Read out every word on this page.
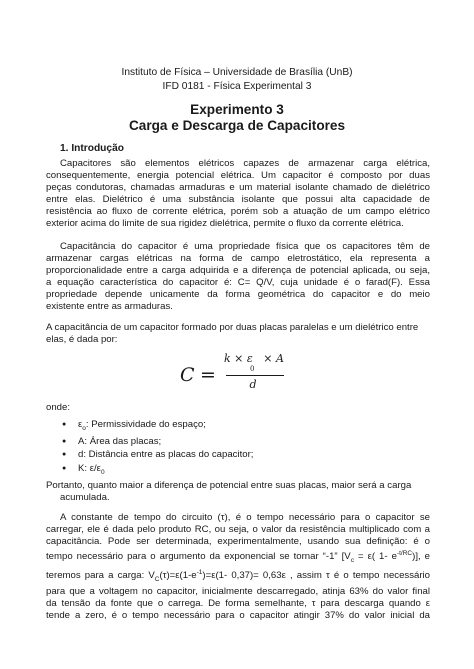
Instituto de Física – Universidade de Brasília (UnB)
IFD 0181 - Física Experimental 3
Experimento 3
Carga e Descarga de Capacitores
1. Introdução
Capacitores são elementos elétricos capazes de armazenar carga elétrica,
consequentemente, energia potencial elétrica. Um capacitor é composto por duas
peças condutoras, chamadas armaduras e um material isolante chamado de dielétrico
entre elas. Dielétrico é uma substância isolante que possui alta capacidade de
resistência ao fluxo de corrente elétrica, porém sob a atuação de um campo elétrico
exterior acima do limite de sua rigidez dielétrica, permite o fluxo da corrente elétrica.
Capacitância do capacitor é uma propriedade física que os capacitores têm de
armazenar cargas elétricas na forma de campo eletrostático, ela representa a
proporcionalidade entre a carga adquirida e a diferença de potencial aplicada, ou seja,
a equação característica do capacitor é: C= Q/V, cuja unidade é o farad(F). Essa
propriedade depende unicamente da forma geométrica do capacitor e do meio
existente entre as armaduras.
A capacitância de um capacitor formado por duas placas paralelas e um dielétrico entre
elas, é dada por:
C =
k × ε   × A
0
d
onde:
● $\varepsilon_o$: Permissividade do espaço;
● A: Área das placas;
● d: Distância entre as placas do capacitor;
● K: $\varepsilon/\varepsilon_0$
Portanto, quanto maior a diferença de potencial entre suas placas, maior será a carga
acumulada.
A constante de tempo do circuito (τ), é o tempo necessário para o capacitor se
carregar, ele é dada pelo produto RC, ou seja, o valor da resistência multiplicado com a
capacitância. Pode ser determinada, experimentalmente, usando sua definição: é o
tempo necessário para o argumento da exponencial se tornar “-1” [$V_c = \varepsilon$( 1- $e^{-t/RC}$)], e
teremos para a carga: $V_C(\tau)=\varepsilon(1-e^{-1})=\varepsilon(1-$ 0,37)= 0,63ε , assim τ é o tempo necessário
para que a voltagem no capacitor, inicialmente descarregado, atinja 63% do valor final
da tensão da fonte que o carrega. De forma semelhante, τ para descarga quando ε
tende a zero, é o tempo necessário para o capacitor atingir 37% do valor inicial da
